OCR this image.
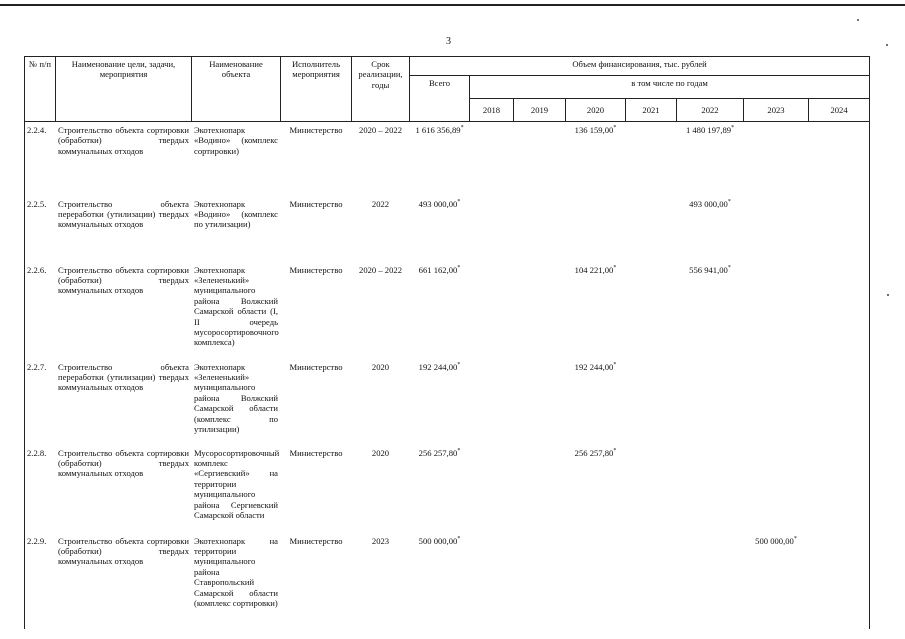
3
№ п/п	Наименование цели, задачи, мероприятия	Наименование объекта	Исполнитель мероприятия	Срок реализации, годы	Объем финансирования, тыс. рублей							
					Всего	в том числе по годам						
						2018	2019	2020	2021	2022	2023	2024
2.2.4.	Строительство объекта сортировки (обработки) твердых коммунальных отходов	Экотехнопарк «Водино» (комплекс сортировки)	Министерство	2020 – 2022	1 616 356,89*			136 159,00*		1 480 197,89*		
2.2.5.	Строительство объекта переработки (утилизации) твердых коммунальных отходов	Экотехнопарк «Водино» (комплекс по утилизации)	Министерство	2022	493 000,00*					493 000,00*		
2.2.6.	Строительство объекта сортировки (обработки) твердых коммунальных отходов	Экотехнопарк «Зелененький» муниципального района Волжский Самарской области (I, II очередь мусоросортировочного комплекса)	Министерство	2020 – 2022	661 162,00*			104 221,00*		556 941,00*		
2.2.7.	Строительство объекта переработки (утилизации) твердых коммунальных отходов	Экотехнопарк «Зелененький» муниципального района Волжский Самарской области (комплекс по утилизации)	Министерство	2020	192 244,00*			192 244,00*				
2.2.8.	Строительство объекта сортировки (обработки) твердых коммунальных отходов	Мусоросортировочный комплекс «Сергиевский» на территории муниципального района Сергиевский Самарской области	Министерство	2020	256 257,80*			256 257,80*				
2.2.9.	Строительство объекта сортировки (обработки) твердых коммунальных отходов	Экотехнопарк на территории муниципального района Ставропольский Самарской области (комплекс сортировки)	Министерство	2023	500 000,00*						500 000,00*	
